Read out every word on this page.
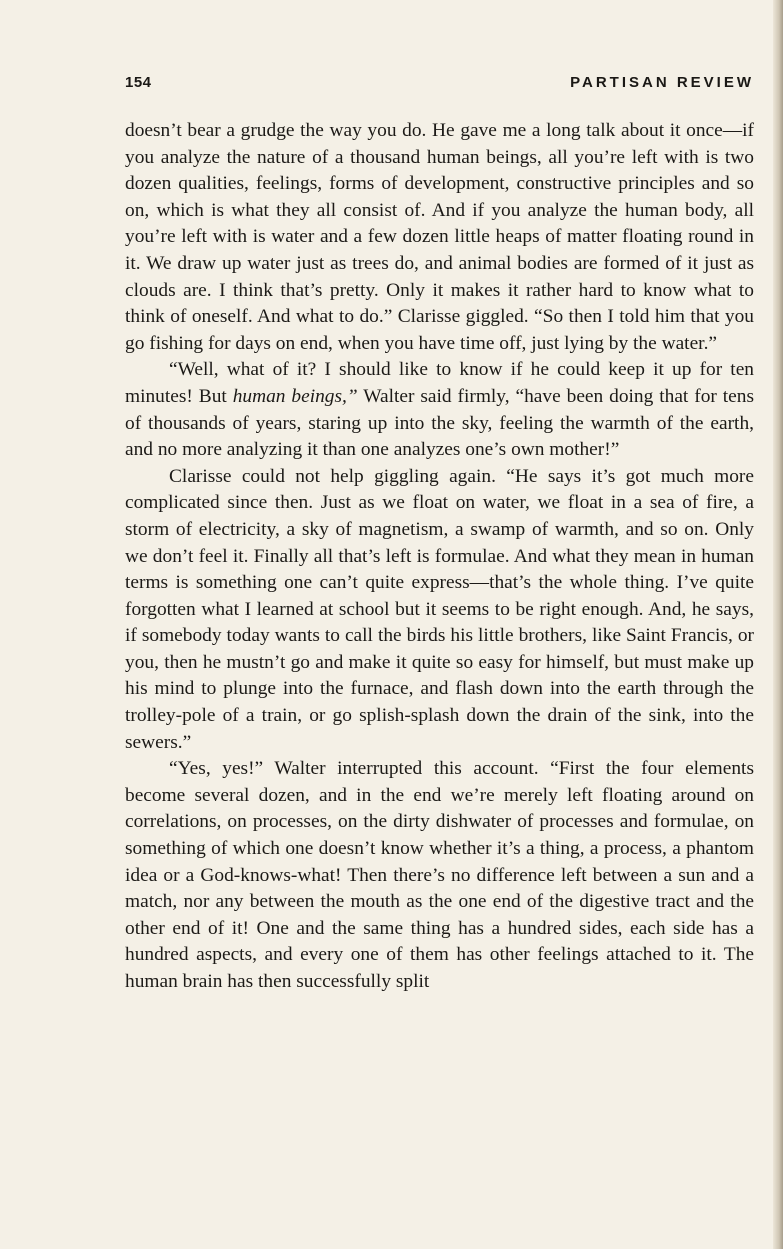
154	PARTISAN REVIEW

doesn’t bear a grudge the way you do. He gave me a long talk about it once—if you analyze the nature of a thousand human beings, all you’re left with is two dozen qualities, feelings, forms of development, constructive principles and so on, which is what they all consist of. And if you analyze the human body, all you’re left with is water and a few dozen little heaps of matter floating round in it. We draw up water just as trees do, and animal bodies are formed of it just as clouds are. I think that’s pretty. Only it makes it rather hard to know what to think of oneself. And what to do.” Clarisse giggled. “So then I told him that you go fishing for days on end, when you have time off, just lying by the water.”

“Well, what of it? I should like to know if he could keep it up for ten minutes! But human beings,” Walter said firmly, “have been doing that for tens of thousands of years, staring up into the sky, feeling the warmth of the earth, and no more analyzing it than one analyzes one’s own mother!”

Clarisse could not help giggling again. “He says it’s got much more complicated since then. Just as we float on water, we float in a sea of fire, a storm of electricity, a sky of magnetism, a swamp of warmth, and so on. Only we don’t feel it. Finally all that’s left is formulae. And what they mean in human terms is something one can’t quite express—that’s the whole thing. I’ve quite forgotten what I learned at school but it seems to be right enough. And, he says, if somebody today wants to call the birds his little brothers, like Saint Francis, or you, then he mustn’t go and make it quite so easy for himself, but must make up his mind to plunge into the furnace, and flash down into the earth through the trolley-pole of a train, or go splish-splash down the drain of the sink, into the sewers.”

“Yes, yes!” Walter interrupted this account. “First the four elements become several dozen, and in the end we’re merely left floating around on correlations, on processes, on the dirty dishwater of processes and formulae, on something of which one doesn’t know whether it’s a thing, a process, a phantom idea or a God-knows-what! Then there’s no difference left between a sun and a match, nor any between the mouth as the one end of the digestive tract and the other end of it! One and the same thing has a hundred sides, each side has a hundred aspects, and every one of them has other feelings attached to it. The human brain has then successfully split
